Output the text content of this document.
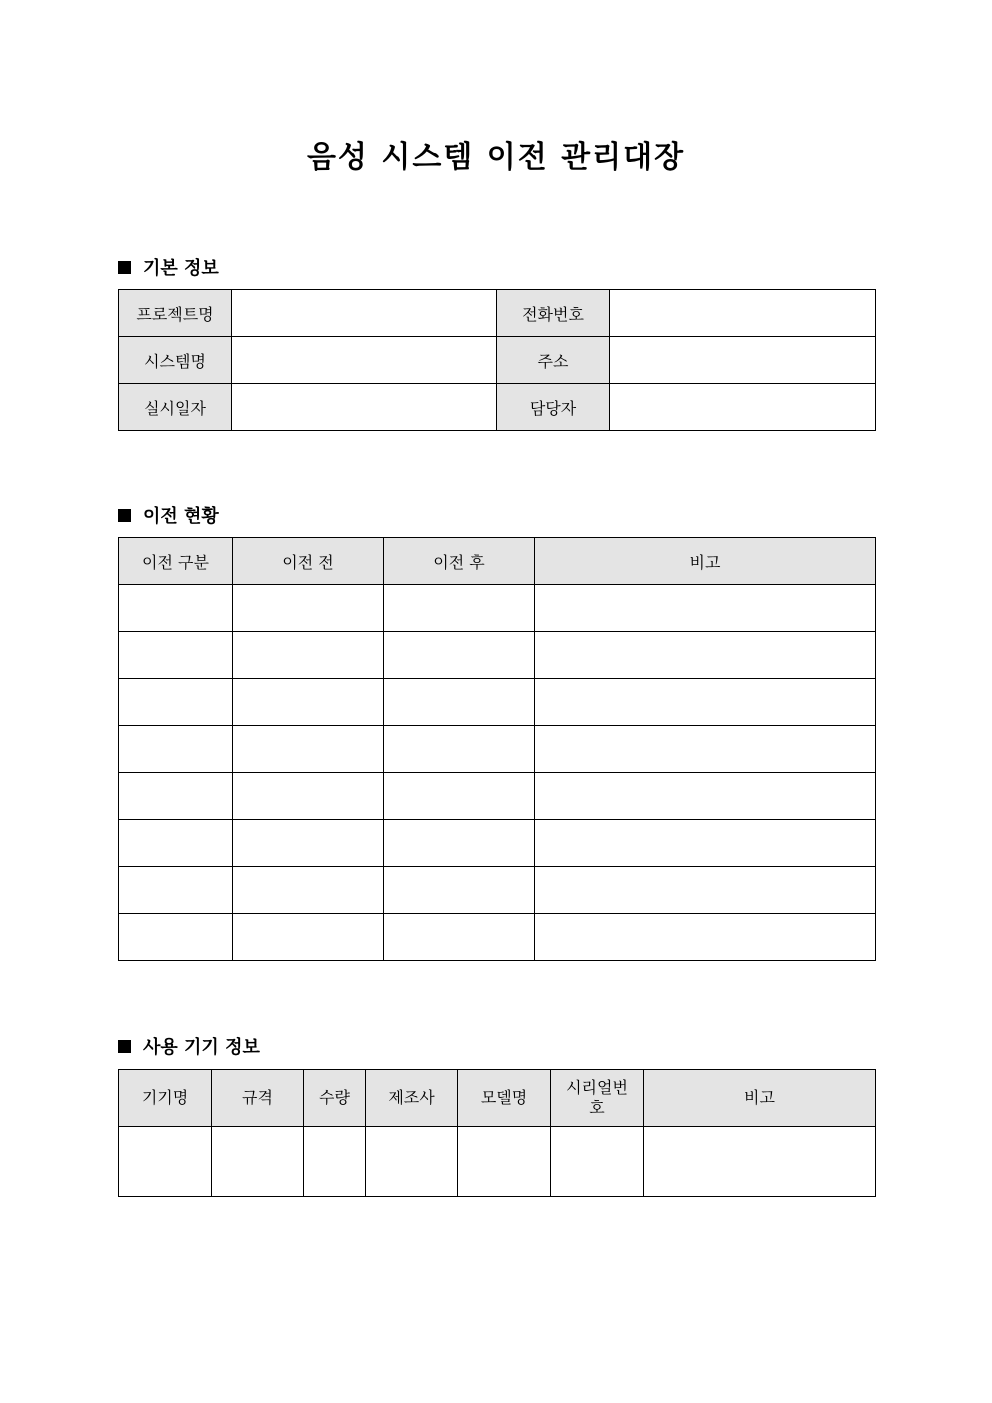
음성 시스템 이전 관리대장
기본 정보
프로젝트명		전화번호	
시스템명		주소	
실시일자		담당자	
이전 현황
이전 구분	이전 전	이전 후	비고

사용 기기 정보
기기명	규격	수량	제조사	모델명	시리얼번호	비고
